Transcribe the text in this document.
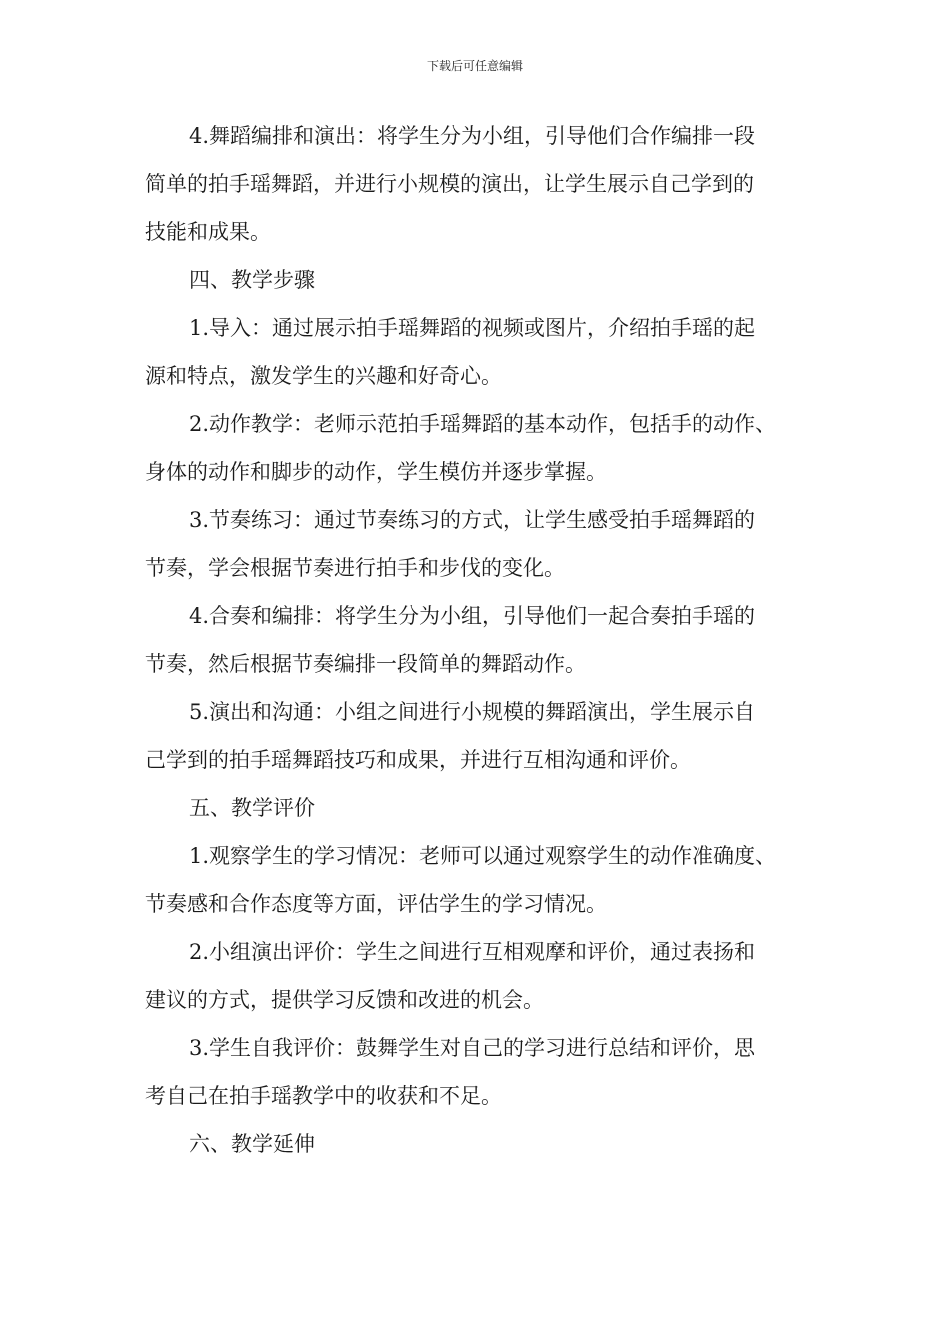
下载后可任意编辑
4.舞蹈编排和演出：将学生分为小组，引导他们合作编排一段
简单的拍手瑶舞蹈，并进行小规模的演出，让学生展示自己学到的
技能和成果。
四、教学步骤
1.导入：通过展示拍手瑶舞蹈的视频或图片，介绍拍手瑶的起
源和特点，激发学生的兴趣和好奇心。
2.动作教学：老师示范拍手瑶舞蹈的基本动作，包括手的动作、
身体的动作和脚步的动作，学生模仿并逐步掌握。
3.节奏练习：通过节奏练习的方式，让学生感受拍手瑶舞蹈的
节奏，学会根据节奏进行拍手和步伐的变化。
4.合奏和编排：将学生分为小组，引导他们一起合奏拍手瑶的
节奏，然后根据节奏编排一段简单的舞蹈动作。
5.演出和沟通：小组之间进行小规模的舞蹈演出，学生展示自
己学到的拍手瑶舞蹈技巧和成果，并进行互相沟通和评价。
五、教学评价
1.观察学生的学习情况：老师可以通过观察学生的动作准确度、
节奏感和合作态度等方面，评估学生的学习情况。
2.小组演出评价：学生之间进行互相观摩和评价，通过表扬和
建议的方式，提供学习反馈和改进的机会。
3.学生自我评价：鼓舞学生对自己的学习进行总结和评价，思
考自己在拍手瑶教学中的收获和不足。
六、教学延伸
